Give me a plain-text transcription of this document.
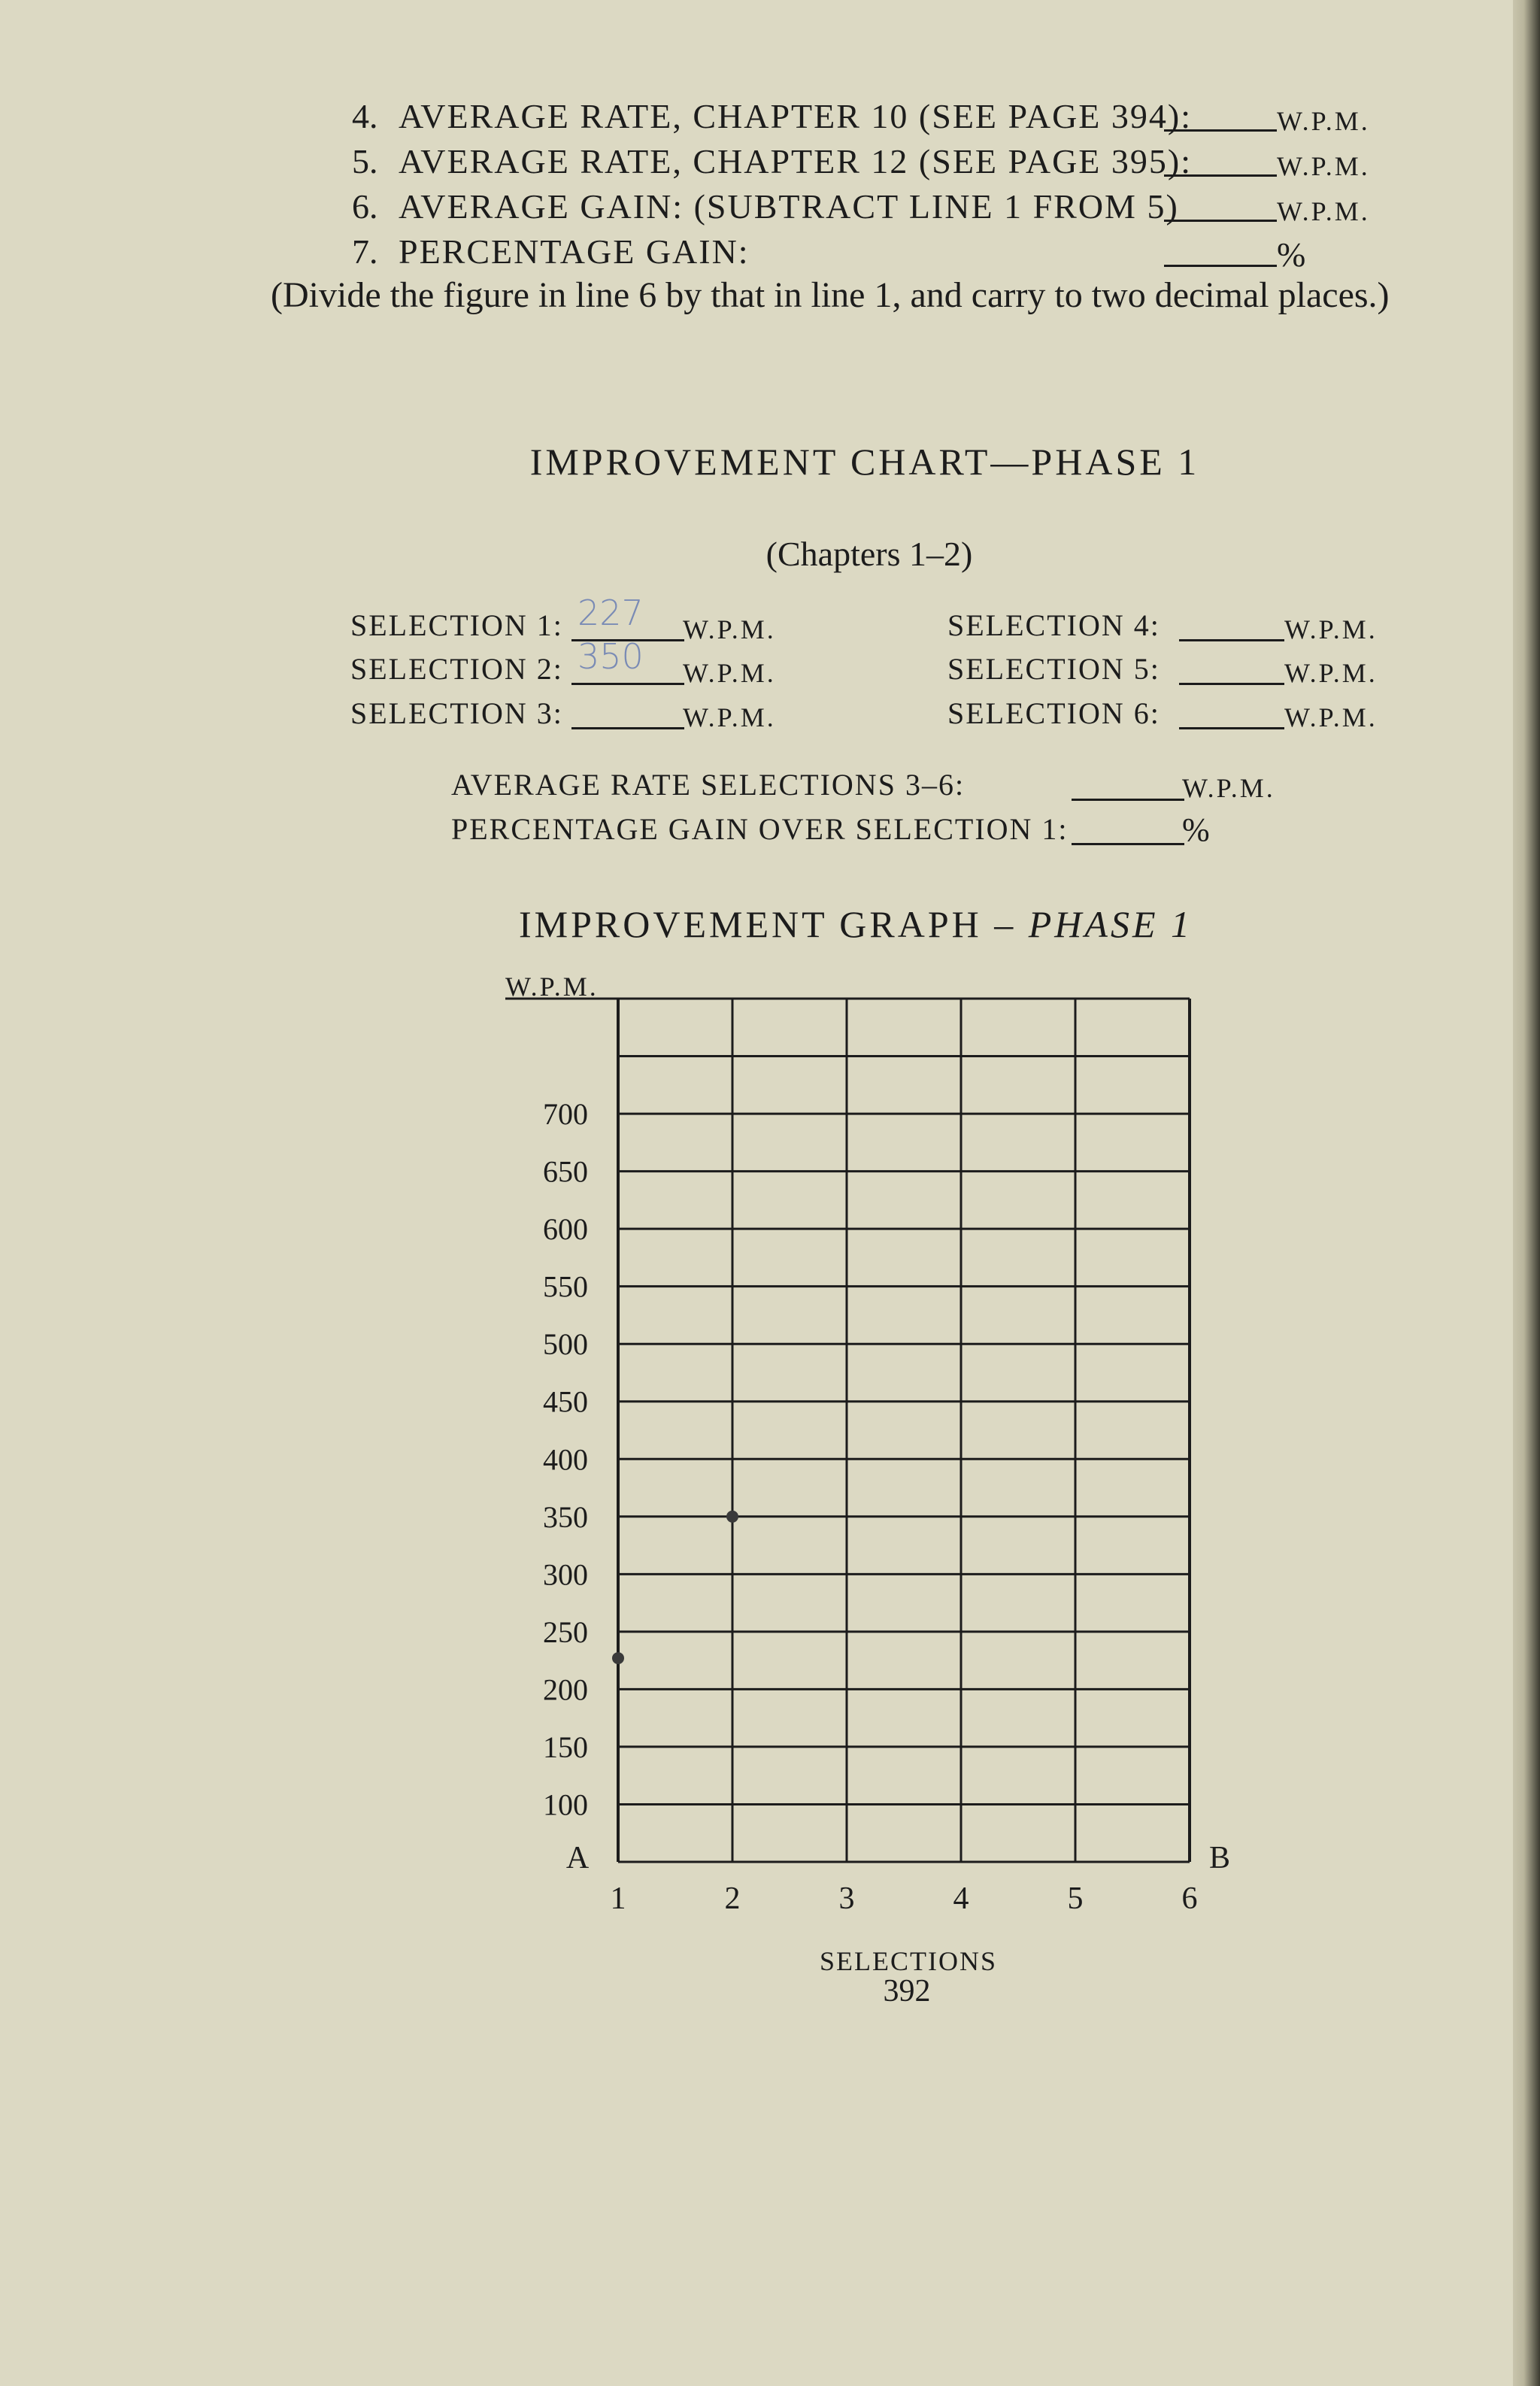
4. AVERAGE RATE, CHAPTER 10 (SEE PAGE 394):	W.P.M.
5. AVERAGE RATE, CHAPTER 12 (SEE PAGE 395):	W.P.M.
6. AVERAGE GAIN: (SUBTRACT LINE 1 FROM 5)	W.P.M.
7. PERCENTAGE GAIN:	%
(Divide the figure in line 6 by that in line 1, and carry to two decimal places.)
IMPROVEMENT CHART—PHASE 1
(Chapters 1–2)
SELECTION 1: 227 W.P.M.
SELECTION 2: 350 W.P.M.
SELECTION 3:	W.P.M.
SELECTION 4:	W.P.M.
SELECTION 5:	W.P.M.
SELECTION 6:	W.P.M.
AVERAGE RATE SELECTIONS 3–6:	W.P.M.
PERCENTAGE GAIN OVER SELECTION 1:	%
IMPROVEMENT GRAPH – PHASE 1
W.P.M.
100
150
200
250
300
350
400
450
500
550
600
650
700
1	2	3	4	5	6
A	B
SELECTIONS
392
